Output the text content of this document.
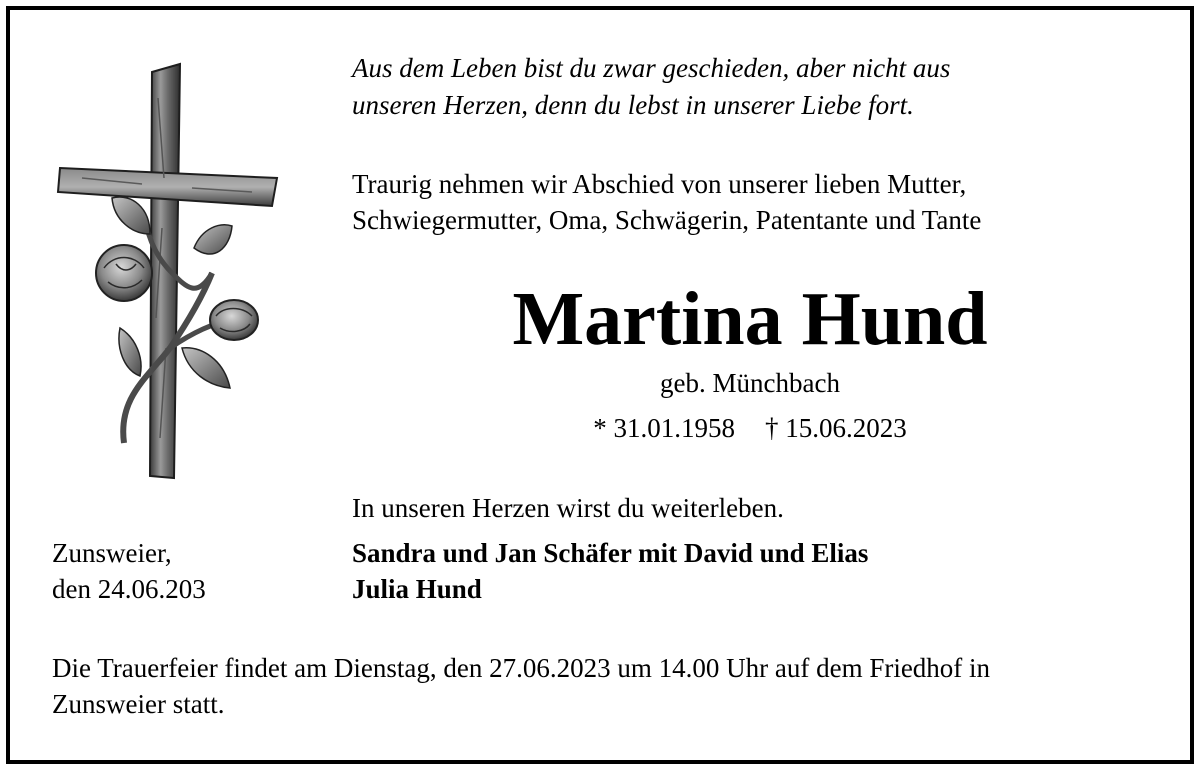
Aus dem Leben bist du zwar geschieden, aber nicht aus
unseren Herzen, denn du lebst in unserer Liebe fort.
Traurig nehmen wir Abschied von unserer lieben Mutter,
Schwiegermutter, Oma, Schwägerin, Patentante und Tante
Martina Hund
geb. Münchbach
* 31.01.1958 † 15.06.2023
In unseren Herzen wirst du weiterleben.
Zunsweier,
den 24.06.203
Sandra und Jan Schäfer mit David und Elias
Julia Hund
Die Trauerfeier findet am Dienstag, den 27.06.2023 um 14.00 Uhr auf dem Friedhof in
Zunsweier statt.
